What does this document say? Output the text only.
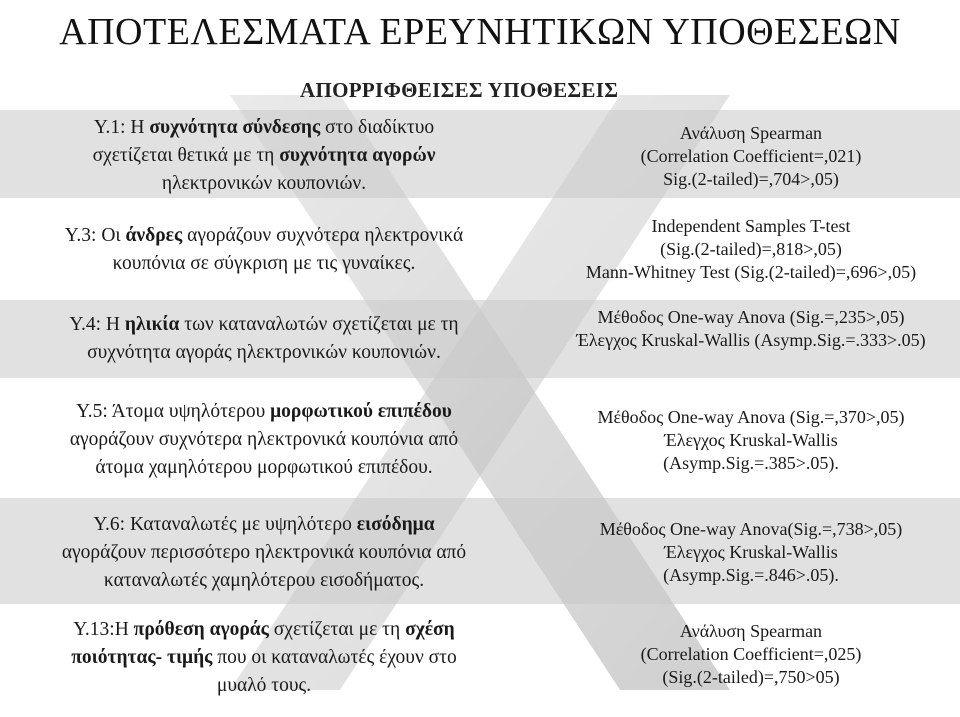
ΑΠΟΤΕΛΕΣΜΑΤΑ ΕΡΕΥΝΗΤΙΚΩΝ ΥΠΟΘΕΣΕΩΝ
ΑΠΟΡΡΙΦΘΕΙΣΕΣ ΥΠΟΘΕΣΕΙΣ

Υ.1: Η συχνότητα σύνδεσης στο διαδίκτυο

σχετίζεται θετικά με τη συχνότητα αγορών

ηλεκτρονικών κουπονιών.

Ανάλυση Spearman

(Correlation Coefficient=,021)

Sig.(2-tailed)=,704>,05)

Υ.3: Οι άνδρες αγοράζουν συχνότερα ηλεκτρονικά

κουπόνια σε σύγκριση με τις γυναίκες.

Independent Samples T-test

(Sig.(2-tailed)=,818>,05)

Mann-Whitney Test (Sig.(2-tailed)=,696>,05)

Υ.4: Η ηλικία των καταναλωτών σχετίζεται με τη

συχνότητα αγοράς ηλεκτρονικών κουπονιών.

Μέθοδος One-way Anova (Sig.=,235>,05)

Έλεγχος Kruskal-Wallis (Asymp.Sig.=.333>.05)

Υ.5: Άτομα υψηλότερου μορφωτικού επιπέδου

αγοράζουν συχνότερα ηλεκτρονικά κουπόνια από

άτομα χαμηλότερου μορφωτικού επιπέδου.

Μέθοδος One-way Anova (Sig.=,370>,05)

Έλεγχος Kruskal-Wallis

(Asymp.Sig.=.385>.05).

Υ.6: Καταναλωτές με υψηλότερο εισόδημα

αγοράζουν περισσότερο ηλεκτρονικά κουπόνια από

καταναλωτές χαμηλότερου εισοδήματος.

Μέθοδος One-way Anova(Sig.=,738>,05)

Έλεγχος Kruskal-Wallis

(Asymp.Sig.=.846>.05).

Υ.13:Η πρόθεση αγοράς σχετίζεται με τη σχέση

ποιότητας- τιμής που οι καταναλωτές έχουν στο

μυαλό τους.

Ανάλυση Spearman

(Correlation Coefficient=,025)

(Sig.(2-tailed)=,750>05)
